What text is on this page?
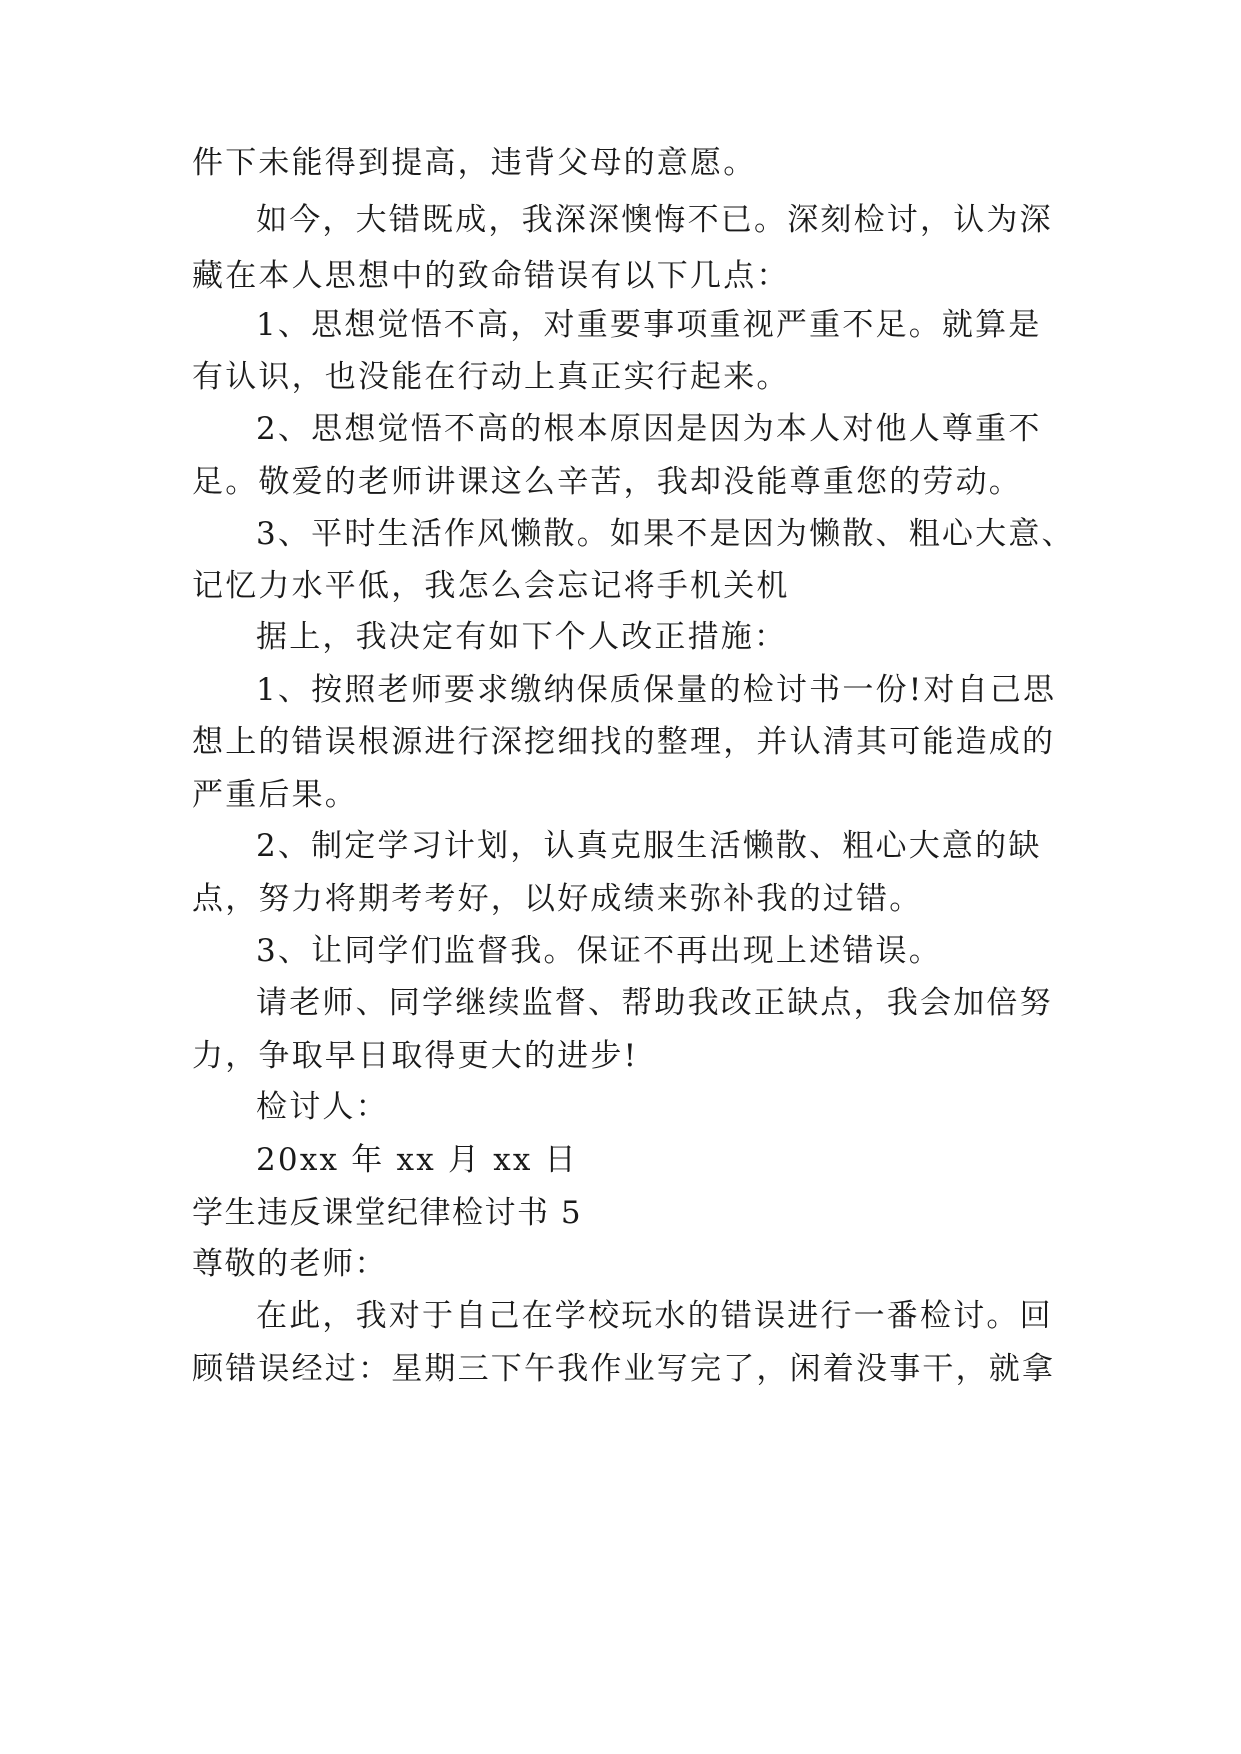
件下未能得到提高，违背父母的意愿。
如今，大错既成，我深深懊悔不已。深刻检讨，认为深
藏在本人思想中的致命错误有以下几点：
1、思想觉悟不高，对重要事项重视严重不足。就算是
有认识，也没能在行动上真正实行起来。
2、思想觉悟不高的根本原因是因为本人对他人尊重不
足。敬爱的老师讲课这么辛苦，我却没能尊重您的劳动。
3、平时生活作风懒散。如果不是因为懒散、粗心大意、
记忆力水平低，我怎么会忘记将手机关机
据上，我决定有如下个人改正措施：
1、按照老师要求缴纳保质保量的检讨书一份!对自己思
想上的错误根源进行深挖细找的整理，并认清其可能造成的
严重后果。
2、制定学习计划，认真克服生活懒散、粗心大意的缺
点，努力将期考考好，以好成绩来弥补我的过错。
3、让同学们监督我。保证不再出现上述错误。
请老师、同学继续监督、帮助我改正缺点，我会加倍努
力，争取早日取得更大的进步!
检讨人：
20xx 年 xx 月 xx 日
学生违反课堂纪律检讨书 5
尊敬的老师：
在此，我对于自己在学校玩水的错误进行一番检讨。回
顾错误经过：星期三下午我作业写完了，闲着没事干，就拿
